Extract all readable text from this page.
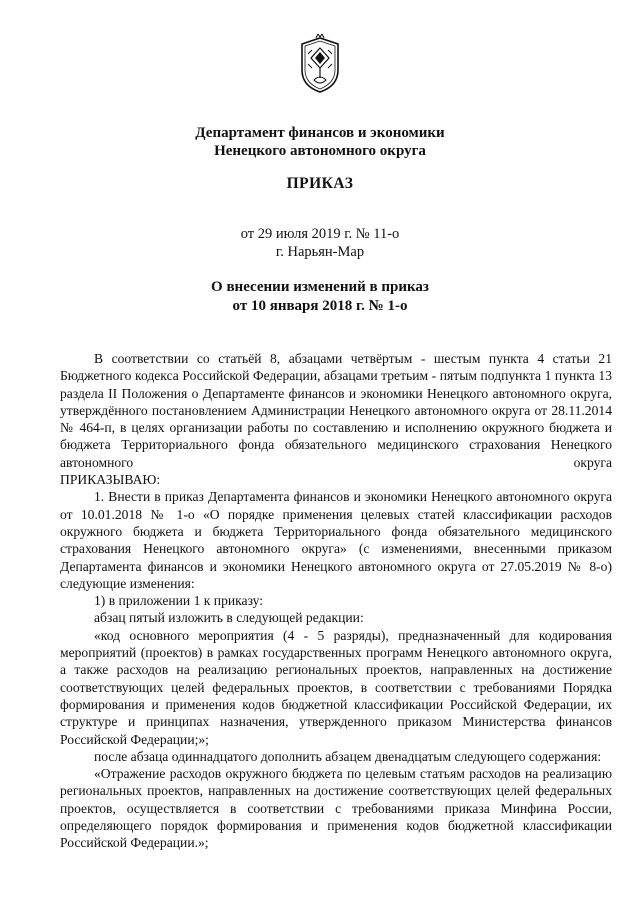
Департамент финансов и экономики
Ненецкого автономного округа
ПРИКАЗ
от 29 июля 2019 г. № 11-о
г. Нарьян-Мар
О внесении изменений в приказ
от 10 января 2018 г. № 1-о

В соответствии со статьёй 8, абзацами четвёртым - шестым пункта 4 статьи 21 Бюджетного кодекса Российской Федерации, абзацами третьим - пятым подпункта 1 пункта 13 раздела II Положения о Департаменте финансов и экономики Ненецкого автономного округа, утверждённого постановлением Администрации Ненецкого автономного округа от 28.11.2014 № 464-п, в целях организации работы по составлению и исполнению окружного бюджета и бюджета Территориального фонда обязательного медицинского страхования Ненецкого автономного округа

ПРИКАЗЫВАЮ:

1. Внести в приказ Департамента финансов и экономики Ненецкого автономного округа от 10.01.2018 № 1-о «О порядке применения целевых статей классификации расходов окружного бюджета и бюджета Территориального фонда обязательного медицинского страхования Ненецкого автономного округа» (с изменениями, внесенными приказом Департамента финансов и экономики Ненецкого автономного округа от 27.05.2019 № 8-о) следующие изменения:

1) в приложении 1 к приказу:

абзац пятый изложить в следующей редакции:

«код основного мероприятия (4 - 5 разряды), предназначенный для кодирования мероприятий (проектов) в рамках государственных программ Ненецкого автономного округа, а также расходов на реализацию региональных проектов, направленных на достижение соответствующих целей федеральных проектов, в соответствии с требованиями Порядка формирования и применения кодов бюджетной классификации Российской Федерации, их структуре и принципах назначения, утвержденного приказом Министерства финансов Российской Федерации;»;

после абзаца одиннадцатого дополнить абзацем двенадцатым следующего содержания:

«Отражение расходов окружного бюджета по целевым статьям расходов на реализацию региональных проектов, направленных на достижение соответствующих целей федеральных проектов, осуществляется в соответствии с требованиями приказа Минфина России, определяющего порядок формирования и применения кодов бюджетной классификации Российской Федерации.»;
